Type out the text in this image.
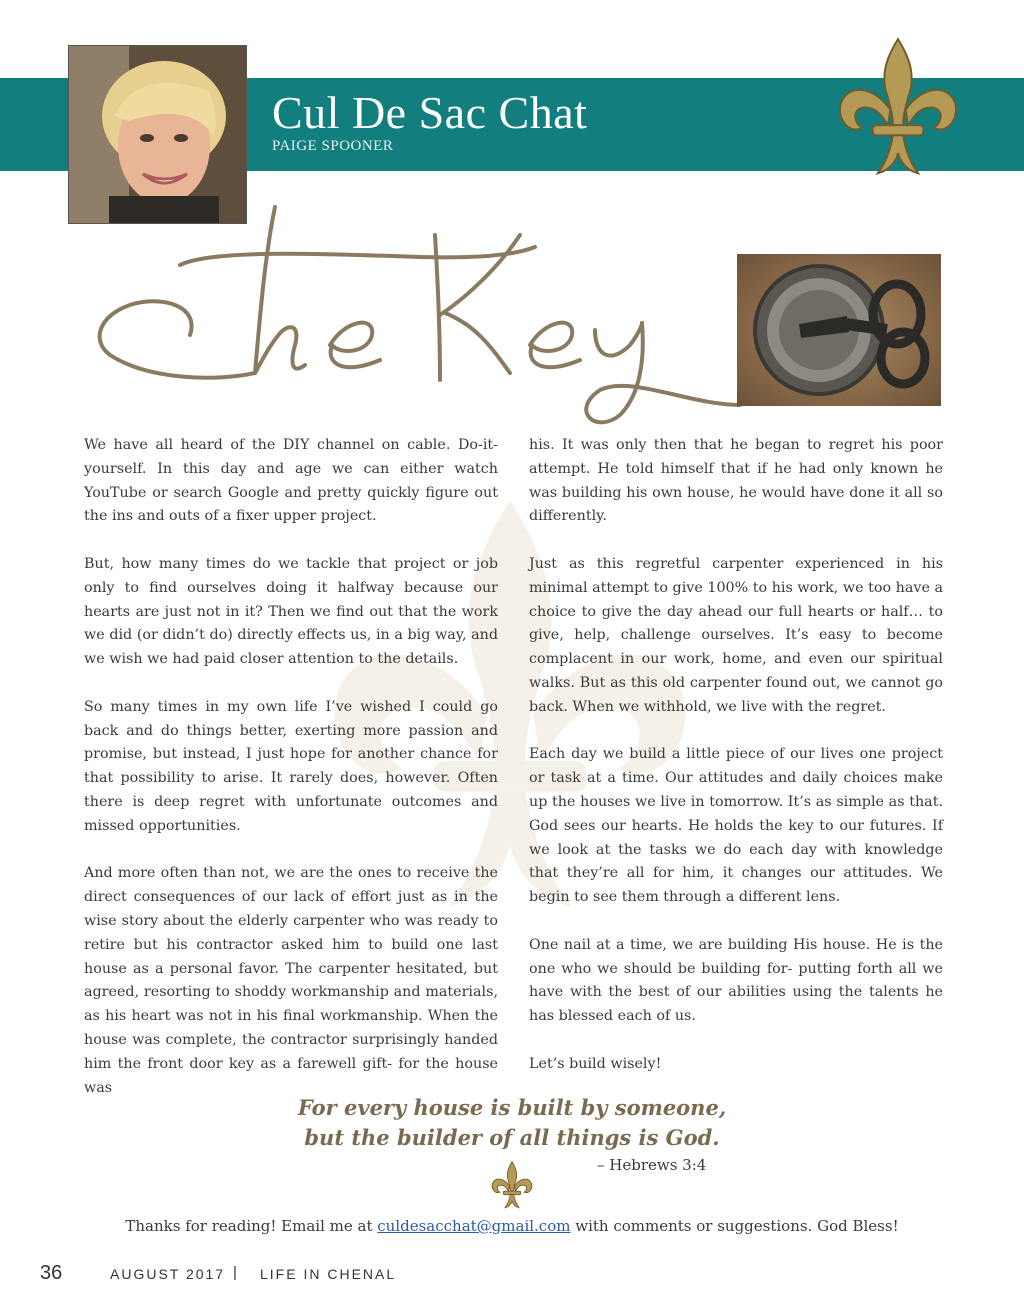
Cul De Sac Chat
PAIGE SPOONER

We have all heard of the DIY channel on cable. Do-it-yourself. In this day and age we can either watch YouTube or search Google and pretty quickly figure out the ins and outs of a fixer upper project.

But, how many times do we tackle that project or job only to find ourselves doing it halfway because our hearts are just not in it? Then we find out that the work we did (or didn’t do) directly effects us, in a big way, and we wish we had paid closer attention to the details.

So many times in my own life I’ve wished I could go back and do things better, exerting more passion and promise, but instead, I just hope for another chance for that possibility to arise. It rarely does, however. Often there is deep regret with unfortunate outcomes and missed opportunities.

And more often than not, we are the ones to receive the direct consequences of our lack of effort just as in the wise story about the elderly carpenter who was ready to retire but his contractor asked him to build one last house as a personal favor. The carpenter hesitated, but agreed, resorting to shoddy workmanship and materials, as his heart was not in his final workmanship. When the house was complete, the contractor surprisingly handed him the front door key as a farewell gift- for the house was

his. It was only then that he began to regret his poor attempt. He told himself that if he had only known he was building his own house, he would have done it all so differently.

Just as this regretful carpenter experienced in his minimal attempt to give 100% to his work, we too have a choice to give the day ahead our full hearts or half… to give, help, challenge ourselves. It’s easy to become complacent in our work, home, and even our spiritual walks. But as this old carpenter found out, we cannot go back. When we withhold, we live with the regret.

Each day we build a little piece of our lives one project or task at a time. Our attitudes and daily choices make up the houses we live in tomorrow. It’s as simple as that. God sees our hearts. He holds the key to our futures. If we look at the tasks we do each day with knowledge that they’re all for him, it changes our attitudes. We begin to see them through a different lens.

One nail at a time, we are building His house. He is the one who we should be building for- putting forth all we have with the best of our abilities using the talents he has blessed each of us.

Let’s build wisely!

For every house is built by someone,
but the builder of all things is God.
– Hebrews 3:4
Thanks for reading! Email me at culdesacchat@gmail.com with comments or suggestions. God Bless!
36	AUGUST 2017 | LIFE IN CHENAL
